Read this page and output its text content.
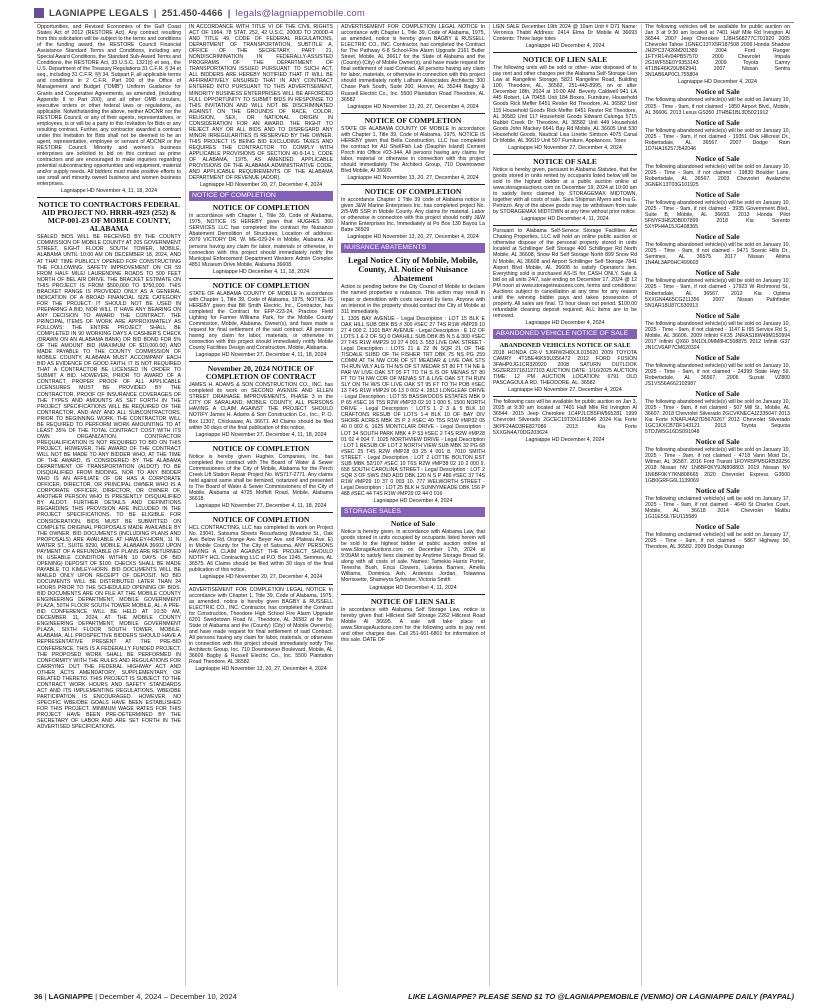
LAGNIAPPE LEGALS | 251.450-4466 | legals@lagniappemobile.com

Opportunities, and Revised Economies of the Gulf Coast States Act of 2012 (RESTORE Act). Any contract resulting from this solicitation will be subject to the terms and conditions of the funding award, the RESTORE Council Financial Assistance Standard Terms and Conditions, including any Special Award Conditions, the Standard Sub-Award Terms and Conditions, the RESTORE Act, 33 U.S.C. 1321(t) et seq., the U.S. Department of the Treasury Regulations 31 C.F.R. § 34 et seq., including 31 C.F.R. §§ 34, Subpart F, all applicable terms and conditions in 2 C.F.R. Part 200 of the Office of Management and Budget ("OMB") Uniform Guidance for Grants and Cooperative Agreements, as amended, (including Appendix II to Part 200), and all other OMB circulars, executive orders or other federal laws or regulations, as applicable. Notwithstanding the above, neither ADCNR nor the RESTORE Council, or any of their agents, representatives, or employees, is or will be a party to this Invitation for Bids or any resulting contract. Further, any contractor awarded a contract under this Invitation for Bids shall not be deemed to be an agent, representative, employee or servant of ADCNR or the RESTORE Council. Minority and women's business enterprises are solicited to bid on this contract as prime contractors and are encouraged to make inquiries regarding potential subcontracting opportunities and equipment, material and/or supply needs. All bidders must make positive efforts to use small and minority owned business and women business enterprises.

Lagniappe HD November 4, 11, 18, 2024
NOTICE TO CONTRACTORS FEDERAL AID PROJECT NO. HRRR-4923 (252) & MCP-001-23 OF MOBILE COUNTY, ALABAMA

SEALED BIDS WILL BE RECEIVED BY THE COUNTY COMMISSION OF MOBILE COUNTY AT 205 GOVERNMENT STREET, EIGHT FLOOR SOUTH TOWER, MOBILE, ALABAMA UNTIL 10:00 AM ON DECEMBER 18, 2024, AND AT THAT TIME PUBLICLY OPENED FOR CONSTRUCTING THE FOLLOWING: SAFETY IMPROVEMENT ON CR 59 FROM HALF MILE/ LAURENDINE ROADS TO 500 FEET NORTH OF BEL AIR DRIVE. THE BRACKET ESTIMATE ON THIS PROJECT IS FROM $500,000 TO $750,000. THIS BRACKET RANGE IS PROVIDED ONLY AS A GENERAL INDICATION OF A BROAD FINANCIAL SIZE CATEGORY FOR THE PROJECT. IT SHOULD NOT BE USED IN PREPARING A BID, NOR WILL IT HAVE ANY BEARING ON ANY DECISION TO AWARD THE CONTRACT. THE PRINCIPAL ITEMS OF WORK ARE APPROXIMATELY AS FOLLOWS: THE ENTIRE PROJECT SHALL BE COMPLETED IN 90 WORKING DAYS A CASHIER'S CHECK (DRAWN ON AN ALABAMA BANK) OR BID BOND FOR 5% OF THE AMOUNT BID (MAXIMUM OF $10,000.00) AND MADE PAYABLE TO THE COUNTY COMMISSION OF MOBILE COUNTY, ALABAMA MUST ACCOMPANY EACH BID AS EVIDENCE OF GOOD FAITH. IT IS NOT REQUIRED THAT A CONTRACTOR BE LICENSED IN ORDER TO SUBMIT A BID. HOWEVER, PRIOR TO AWARD OF A CONTRACT, PROPER PROOF OF ALL APPLICABLE LICENSURES MUST BE PROVIDED BY THE CONTRACTOR. PROOF OF INSURANCE COVERAGES OF THE TYPES AND AMOUNTS AS SET FORTH IN THE PROJECT SPECIFICATIONS WILL BE REQUIRED OF THE CONTRACTOR, AND ANY AND ALL SUBCONTRACTORS, PRIOR TO BEGINNING WORK. THE CONTRACTOR WILL BE REQUIRED TO PERFORM WORK AMOUNTING TO AT LEAST 35% OF THE TOTAL CONTRACT COST WITH ITS OWN ORGANIZATION. CONTRACTOR PREQUALIFICATION IS NOT REQUIRED TO BID ON THIS PROJECT. HOWEVER, THE AWARD OF THE CONTRACT WILL NOT BE MADE TO ANY BIDDER WHO, AT THE TIME OF THE AWARD, IS CONSIDERED BY THE ALABAMA DEPARTMENT OF TRANSPORTATION (ALDOT) TO BE DISQUALIFIED FROM BIDDING, NOR TO ANY BIDDER WHO IS AN AFFILIATE OF OR HAS A CORPORATE OFFICER, DIRECTOR, OR PRINCIPAL OWNER WHO IS A CORPORATE OFFICER, DIRECTOR, OR OWNER OF, ANOTHER PERSON WHO IS PRESENTLY DISQUALIFIED BY ALDOT. FURTHER DETAILS AND DEFINITIONS REGARDING THIS PROVISION ARE INCLUDED IN THE PROJECT SPECIFICATIONS. TO BE ELIGIBLE FOR CONSIDERATION, BIDS MUST BE SUBMITTED ON COMPLETE ORIGINAL PROPOSALS MADE AVAILABLE BY THE OWNER. BID DOCUMENTS (INCLUDING PLANS AND PROPOSALS) ARE AVAILABLE AT HAWLEY-HORN, 11 N. WATER ST., SUITE 9290, MOBILE, ALABAMA 36602 UPON PAYMENT OF A REFUNDABLE (IF PLANS ARE RETURNED IN USEABLE CONDITION WITHIN 10 DAYS OF BID OPENING) DEPOSIT OF $100. CHECKS SHALL BE MADE PAYABLE TO KIMLEY-HORN. BID DOCUMENTS WILL BE MAILED ONLY UPON RECEIPT OF DEPOSIT. NO BID DOCUMENTS WILL BE DISTRIBUTED LATER THAN 24 HOURS PRIOR TO THE SCHEDULED OPENING OF BIDS. BID DOCUMENTS ARE ON FILE AT THE MOBILE COUNTY ENGINEERING DEPARTMENT, MOBILE GOVERNMENT PLAZA, 50TH FLOOR SOUTH TOWER MOBILE, AL. A PRE-BID CONFERENCE WILL BE HELD AT 10:30 AM, DECEMBER 11, 2024, AT THE MOBILE COUNTY ENGINEERING DEPARTMENT, MOBILE GOVERNMENT PLAZA, SIXTH FLOOR SOUTH TOWER, MOBILE, ALABAMA. ALL PROSPECTIVE BIDDERS SHOULD HAVE A REPRESENTATIVE PRESENT AT THE PRE-BID CONFERENCE. THIS IS A FEDERALLY FUNDED PROJECT. THE PROPOSED WORK SHALL BE PERFORMED IN CONFORMITY WITH THE RULES AND REGULATIONS FOR CARRYING OUT THE FEDERAL HIGHWAY ACT AND OTHER ACTS AMENDATORY, SUPPLEMENTARY, OR RELATED THERETO. THIS PROJECT IS SUBJECT TO THE CONTRACT WORK HOURS AND SAFETY STANDARDS ACT AND ITS IMPLEMENTING REGULATIONS. WBE/DBE PARTICIPATION IS ENCOURAGED. HOWEVER, NO SPECIFIC WBE/DBE GOALS HAVE BEEN ESTABLISHED FOR THIS PROJECT. MINIMUM WAGE RATES FOR THIS PROJECT HAVE BEEN PRE-DETERMINED BY THE SECRETARY OF LABOR AND ARE SET FORTH IN THE ADVERTISED SPECIFICATIONS.

IN ACCORDANCE WITH TITLE VI OF THE CIVIL RIGHTS ACT OF 1964, 78 STAT. 252, 42 U.S.C. 2000D TO 2000D-4 AND TITLE 49, CODE OF FEDERAL REGULATIONS, DEPARTMENT OF TRANSPORTATION, SUBTITLE A, OFFICE OF THE SECRETARY, PART 21, NONDISCRIMINATION IN FEDERALLY-ASSISTED PROGRAMS OF THE DEPARTMENT OF TRANSPORTATION ISSUED PURSUANT TO SUCH ACT, ALL BIDDERS ARE HEREBY NOTIFIED THAT IT WILL BE AFFIRMATIVELY ENSURED THAT IN ANY CONTRACT ENTERED INTO PURSUANT TO THIS ADVERTISEMENT, MINORITY BUSINESS ENTERPRISES WILL BE AFFORDED FULL OPPORTUNITY TO SUBMIT BIDS IN RESPONSE TO THIS INVITATION AND WILL NOT BE DISCRIMINATED AGAINST ON THE GROUNDS OF RACE, COLOR, RELIGION, SEX, OR NATIONAL ORIGIN IN CONSIDERATION FOR AN AWARD. THE RIGHT TO REJECT ANY OR ALL BIDS AND TO DISREGARD ANY MINOR IRREGULARITIES IS RESERVED BY THE OWNER. THIS PROJECT IS BEING BID EXCLUDING TAXES AND REQUIRES THE CONTRACTOR TO COMPLY WITH APPLICABLE PROVISIONS OF SECTION 40-9-14.1, CODE OF ALABAMA, 1975, AS AMENDED. APPLICABLE PROVISIONS OF THE ALABAMA ADMINISTRATIVE CODE, AND APPLICABLE REQUIREMENTS OF THE ALABAMA DEPARTMENT OF REVENUE (ADOR).

Lagniappe HD November 20, 27, December 4, 2024
NOTICE OF COMPLETION
NOTICE OF COMPLETION

In accordance with Chapter 1, Title 39, Code of Alabama, 1975, NOTICE IS HEREBY given that HUGHES 360 SERVICES LLC has completed the contract for Nuisance Abatement Demolition of Structures, Location of address: 2079 VICTORY DR. W. ME-029-24 in Mobile, Alabama. All persons having any claim for labor, materials or otherwise, in connection with this project should immediately notify the Municipal Enforcement Department Western Admin Complex 4851 Museum Drive Mobile, Alabama 36608.

Lagniappe HD December 4, 11, 18, 2024
NOTICE OF COMPLETION

STATE OF ALABAMA COUNTY OF MOBILE In accordance with Chapter 1, Title 39, Code of Alabama, 1975, NOTICE IS HEREBY given that Bill Smith Electric, Inc., Contractor, has completed the Contract for EFP-223-24, Practice Field Lighting for Farmer Williams Park, for the Mobile County Commission, Mobile, Alabama, Owner(s), and have made a request for final settlement of the said contract. All persons having any claim for labor, materials, or otherwise in connection with this project should immediately notify Mobile County Facilities Design and Construction, Mobile, Alabama.

Lagniappe HD November 27, December 4, 11, 18, 2024
November 20, 2024 NOTICE OF COMPLETION OF CONTRACT

JAMES H. ADAMS & SON CONSTRUCTION CO., INC. has completed its work on SECOND AVENUE AND ELLEN STREET DRAINAGE IMPROVEMENTS, PHASE 3 in the CITY OF SARALAND, MOBILE COUNTY, ALL PERSONS HAVING A CLAIM AGAINST THE PROJECT SHOULD NOTIFY James H. Adams & Son Construction Co., Inc., P. O. Box 11307, Chickasaw, AL 36671. All Claims should be filed within 30 days of the final publication of this notice.

Lagniappe HD November 27, December 4, 11, 18, 2024
NOTICE OF COMPLETION

Notice is hereby given Hughes Companies, Inc. has completed the contract with The Board of Water & Sewer Commissioners of the City of Mobile, Alabama for the Perch Creek Lift Station Repair Project No. WS717-2771. Any claims held against same shall be itemized, notarized and presented to The Board of Water & Sewer Commissioners of the City of Mobile, Alabama at 4725 Moffett Road, Mobile, Alabama 36618.

Lagniappe HD November 27, December 4, 11, 18, 2024
NOTICE OF COMPLETION

HCL CONTRACTING, LLC has completed its work on Project No. 23041, Satsuma Streets Resurfacing (Meadow St., Oak Ave. Below Rd. Orange Ave. Beyer Ave. and Plateau Ave. E) in Mobile County for The City of Satsuma. ANY PERSONS HAVING A CLAIM AGAINST THE PROJECT SHOULD NOTIFY HCL Contracting LLC at P.O. Box 1245, Semmes, AL 36575. All Claims should be filed within 30 days of the final publication of this notice.

Lagniappe HD November 20, 27, December 4, 2024

ADVERTISEMENT FOR COMPLETION LEGAL NOTICE In accordance with Chapter 1, Title 39, Code of Alabama, 1975, as amended, notice is hereby given BAGBY & RUSSELL ELECTRIC CO., INC. Contractor, has completed the Contract for Construction, Theodore High School Fire Alarm Upgrade 6201 Swedetown Road N., Theodore, AL 36582 at for the State of Alabama and the (County) (City) of Mobile Owner(s), and have made request for final settlement of said Contract. All persons having any claim for labor, materials, or otherwise in connection with this project should immediately notify The Architects Group, Inc. 710 Downtowner Boulevard, Mobile, AL 36609 Bagby & Russell Electric Co., Inc. 5500 Plantation Road Theodore, AL 36582

Lagniappe HD November 13, 20, 27, December 4, 2024

ADVERTISEMENT FOR COMPLETION LEGAL NOTICE In accordance with Chapter 1, Title 39, Code of Alabama, 1975, as amended, notice is hereby given BAGBY & RUSSELL ELECTRIC CO., INC. Contractor, has completed the Contract for The Pathway 6-8 School-Fire Alarm Upgrade 2161 Butler Street, Mobile, AL 36617 for the State of Alabama and the (County) (City) of Mobile Owner(s), and have made request for final settlement of said Contract. All persons having any claim for labor, materials, or otherwise in connection with this project should immediately notify Latham Associates Architects 300 Chase Park South, Suite 200, Hoover, AL 35244 Bagby & Russell Electric Co., Inc. 5500 Plantation Road Theodore, AL 36582

Lagniappe HD November 13, 20, 27, December 4, 2024
NOTICE OF COMPLETION

STATE OF ALABAMA COUNTY OF MOBILE In accordance with Chapter 1, Title 39, Code of Alabama, 1975, NOTICE IS HEREBY given that Bella Construction, LLC has completed the contract for AU ShellFish Lab (Dauphin Island) Cement Porch into Office #23-344. All persons having any claims for labor, material or otherwise in connection with this project should immediately The Architect Group, 710 Downtowner Blvd Mobile, Al 36609.

Lagniappe HD November 13, 20, 27, December 4, 2024
NOTICE OF COMPLETION

In accordance Chapter 1 Title 39 code of Alabama notice is given J&W Marine Enterprises Inc. has completed project No. 2/5-WB SSR in Mobile County. Any claims for material, Labor or otherwise in connection with this project should notify J&W Marine Enterprises Inc. Immediately at Po Box 130 Bayou La Batre 36509

Lagniappe HD November 13, 20, 27, December 4, 2024
NUISANCE ABATEMENTS
Legal Notice City of Mobile, Mobile, County, AL Notice of Nuisance Abatement

Action is pending before the City Council of Mobile to declare the named properties a nuisance. This action may result in repair or demolition with costs secured by liens. Anyone with an interest in the property should contact the City of Mobile at 311 immediately.

1. 1305 BAY AVENUE - Legal Description : LOT 15 BLK E OAK HILL SUB DBK BS # 300 #SEC 27 T4S R1W #MP29 10 27 4 000 2. 1101 BAY AVENUE - Legal Description : E 1/2 OF LOTS 1 & 2 OF SQ 0 OAKHILL SUB DBK 85 N 5 & 300 #SEC 27 T4S R1W #MP29 10 27 4 001 3. 553 LIVE OAK STREET - Legal Description : LOTS 21 & 22 IN SQR 21 OF THE TISDALE SUBD OF TH FISHER TRT DBK 75 NS PG 259 COMM AT TH NW COR OF ST MEADAR & LIVE OAK STS TH RUN WLY ALG TH N/S OF ST MEDAR ST 80 FT TH NE & PAR W/ LIVE OAK ST 95 FT TO TH S /S OF MENAS ST 80 FT TO TH NW COR OF MENAS ST & LIVE OAK ST TH RUN SLY ON TH W/S OF LIVE OAK ST 95 FT TO TH POB #SEC 13 T4S R1W #MP29 06 13 0 002 4. 2813 LONGLEAF DRIVE - Legal Description : LOT 55 BASSWOODS ESTATES MBK 9 P 65 #SEC 16 T5S R2W #MP33 02 10 1 000 5. 1500 NORTH DRIVE - Legal Description : LOTS 1 2 3 & 5 BLK 10 CRAFTONS RESUB OF LOTS 1-4 BLK 10 OF BAY DIV SHORE ACRES MBK 25 P 2 #SEC 40 T5S R1W #MP32 05 40 0 002 6. 1625 MONTCLAIR DRIVE - Legal Description : LOT 34 SOUTH PARK MBK 4 P 53 #SEC 2 T4S R2W #MP28 01 02 4 004 7. 1025 NORTHVIEW DRIVE - Legal Description : LOT 1 RESUB OF LOT 2 NORTH VIEW SUB MBK 32 PG 68 #SEC 25 T4S R2W #MP28 03 25 4 001 8. 7010 SMITH STREET - Legal Description : LOT 2 LOTTIE BOLTON EST SUB MBK 52/107 #SEC 10 T6S R2W #MP38 02 10 2 000 9. 658 SOUTH CAROLINA STREET - Legal Description : LOT 2 SQR 3 OF SWS 2ND ADD DBK 120 N S P 486 #SEC 37 T4S R1W #MP29 10 37 0 003 10. 777 WELWORTH STREET - Legal Description : LOT 25 BLK H SUNNYMEADE DBK 156 P 488 #SEC 44 T4S R1W #MP29 02 44 0 016

Lagniappe HD December 4, 2024
STORAGE SALES
Notice of Sale

Notice is hereby given, in accordance with Alabama Law, that goods stored in units occupied by occupants listed herein will be sold to the highest bidder at public auction online at www.StorageAuctions.com on December 17th, 2024 at 9:00AM to satisfy liens claimed by Anytime Storage Broad St. along with all costs of sale. Names: Tamekia Harris Porter, Tenesha Bush, Erica Clowers, Lakeisa Barnes, Amelia Williams, Dominica Ash, Ardennis Jordan, Tolawnna Morrissette, Shameyra Sylvester, Victoria Smith

Lagniappe HD December 4, 11, 2024
NOTICE OF LIEN SALE

In accordance with Alabama Self Storage Law, notice is hereby given that: Hillcrest Self Storage 2262 Hillcrest Road Mobile Al 36695. A sale will take place at www.StorageAuctions.com for the following units to pay rent and other charges due. Call 251-661-6801 for information of this sale. DATE OF

LIEN SALE December 19th 2024 @ 10am Unit # D71 Name: Veronica Thabit Address: 2414 Elma Dr Mobile Al 36693 Contents: Three large totes

Lagniappe HD December 4, 2024
NOTICE OF LIEN SALE

The following units will be sold or other- wise disposed of to pay rent and other charges per the Alabama Self-Storage Lien Law at Rangeline Storage, 5821 Rangeline Road, Building 100, Theodore, AL, 36582, 251-443-8995, on or after December 18th, 2024 at 10:00 AM. Beverly Caldwell 941 LA 445 Robert, LA 70455 Unit 184 Boxes, Furniture, Household Goods Rick Meffer 6451 Rester Rd Theodore, AL 36582 Unit 115 Household Goods Rick Meffer 6451 Rester Rd Theodore, AL 36582 Unit 117 Household Goods Edward Calunga 5715 Rabbit Creek Dr Theodore, AL 36582 Unit 449 Household Goods John Mackey 6641 Bay Rd Mobile, AL 36605 Unit 530 Household Goods, Nautical Lisa Linette Simison 4075 Canal Dr Mobile, AL 36619 Unit 507 Furniture, Appliances, Totes

Lagniappe HD November 27, December 4, 2024
NOTICE OF SALE

Notice is hereby given, pursuant to Alabama Statutes, that the goods stored in units rented by occupants listed below will be sold to the highest bidder at a public auction online at www.storageauctions.com on December 19, 2024 at 10:00 am to satisfy liens claimed by STORAGEMAX MIDTOWN, together with all costs of sale. Sara Shipman Myers and Ina G. Petrizzo. Any of the above goods may be withdrawn from sale by STORAGEMAX MIDTOWN at any time without prior notice.

Lagniappe HD December 4, 11, 2024

Pursuant to Alabama Self-Service Storage Facilities Act Chasing Properties, LLC will hold an online public auction or otherwise dispose of the personal property stored in units located at Schillinger Self Storage 400 Schillinger Rd North Mobile, AL 36608, Snow Rd Self Storage North 899 Snow Rd N Mobile, AL 36608 and Airport Schillinger Self Storage 7841 Airport Blvd Mobile, AL 36608 to satisfy Operator's lien. Everything sold is purchased AS-IS for CASH ONLY. Sale & bid on all units 24/7, sale ending on December 17, 2024 @ 12 PM noon at www.storagetreasures.com, terms and conditions: Auctions subject to cancellation at any time for any reason until the winning bidder pays and takes possession of property. All sales are final. 72 hour clean out period. $100.00 refundable cleaning deposit required; ALL items are to be removed.

Lagniappe HD December 4, 2024
ABANDONED VEHICLE NOTICE OF SALE
ABANDONED VEHICLES NOTICE OF SALE

2018 HONDA CR-V 5J6RW2H8XJL015620 2009 TOYOTA CAMRY 4T1BE46K59U356472 2012 FORD FUSION 3FAHP0JG1CR320920 2008 SATURN OUTLOOK 5GZER23718J127103 AUCTION DATE: 1/16/2025 AUCTION TIME: 12 PM AUCTION LOCATION: 6791 OLD PASCAGOULA RD. THEODORE, AL. 36582

Lagniappe HD November 27, December 4, 2024

The following cars will be available for public auction on Jan 3, 2025 at 9:30 am located at 7401 Half Mile Rd Irvington Al 36544. 2015 Jeep Cherokee 1C4PJLCB5FW565281 1999 Chevrolet Silverado 2GCEC19T3X1165846 2024 Kia Forte 3KPF24AD3RE827086 2013 Kia Forte 5XXGN4A70DG203624

Lagniappe HD December 4, 2024

The following vehicles will be available for public auction on Jan 3 at 9:30 am located at 7401 Half Mile Rd Irvington Al 36544. 2007 Jeep Cherokee 1J8HS68277C701920 2005 Chevrolet Tahoe 1GNEC13TX5R187508 2006 Honda Shadow JH2PC37426M201389 2004 Ford Ranger 1FTYR14V04PB57570 2000 Chevrolet Impala 2G1WF55E0Y9353143 2009 Toyota Camry 4T1BE46K29U862941 2007 Nissan Sentra 3N1AB6AP0CL755804

Lagniappe HD December 4, 2024
Notice of Sale

The following abandoned vehicle(s) will be sold on January 10, 2025 - Time - 9am, if not claimed - 1850 Airport Blvd., Mobile, AL 36606. 2013 Lexus GS350 JTHBE1BL3D5021912

Notice of Sale

The following abandoned vehicle(s) will be sold on January 10, 2025 - Time - 9am, if not claimed - 19351 Oak Hillcrest Dr., Robertsdale, AL 36567. 2007 Dodge Ram 1D7HA16257J542046

Notice of Sale

The following abandoned vehicle(s) will be sold on January 10, 2025 - Time - 9am, if not claimed - 19830 Boulder Lane, Robertsdale, AL 36567. 2003 Chevrolet Avalanche 3GNEK13T03G101925

Notice of Sale

The following abandoned vehicle(s) will be sold on January 10, 2025 - Time - 9am, if not claimed - 3935 Government Blvd., Suite B, Mobile, AL 36693. 2013 Honda Pilot 5FNYF3H52DB007899 2018 Kia Sorento 5XYPH4A15JG408365

Notice of Sale

The following abandoned vehicle(s) will be sold on January 10, 2025 - Time - 9am, if not claimed - 9471 Scenic Hills Dr., Semmes, AL 36575. 2017 Nissan Altima 1N4AL3AP0HC499603

Notice of Sale

The following abandoned vehicle(s) will be sold on January 10, 2025 - Time - 9am, if not claimed - 17923 W Richmond St., Robertsdale, AL 36567. 2012 Kia Optima 5XXGN4A65CG211356 2007 Nissan Pathfinder 5N1AR18U87C630913

Notice of Sale

The following abandoned vehicle(s) will be sold on January 10, 2025 - Time - 9am, if not claimed - 1147 E I65 Service Rd S., Mobile, AL 36606. 2009 Infiniti FX35 JNRAS18W49M150994 2017 Infiniti QX60 5N1DL0MM8HC508875 2012 Infiniti G37 JN1CV6AP7CM620324

Notice of Sale

The following abandoned vehicle(s) will be sold on January 10, 2025 - Time - 9am, if not claimed - 24399 State Hwy 59, Robertsdale, AL 36567. 2006 Suzuki VZ800 JS1VS56A662102987

Notice of Sale

The following abandoned vehicle(s) will be sold on January 10, 2025 - Time - 9am, if not claimed - 507 Mill St., Mobile, AL 36607. 2018 Chevrolet Silverado 2GCVKNEC4JZ335047 2013 Kia Forte KNAFU4A27D5670267 2013 Chevrolet Silverado 1GC1KXCB7DF143121 2013 Toyota Sequoia 5TDJW5G16DS091048

Notice of Sale

The following abandoned vehicle(s) will be sold on January 10, 2025 - Time - 9am, if not claimed - 4718 Vann Moid Dr., Wilmer, AL 36587. 2016 Ford Transit 1FDYR5PM5GKB39256 2018 Nissan NV 1N6BF0KY9JN808803 2019 Nissan NV 1N6BF0KY7KN808665 2020 Chevrolet Express G3500 1GB0GRFG6L1139069

Notice of Sale

The following unclaimed vehicle(s) will be sold on January 17, 2025 - Time - 9am, if not claimed - 4640 St Charles Court, Mobile, AL 36618 2014 Chevrolet Malibu 1G11E5SL7EU115589

Notice of Sale

The following unclaimed vehicle(s) will be sold on January 17, 2025 - Time - 9am, if not claimed - 5867 Highway 90, Theodore, AL 36582. 2009 Dodge Durango

36 | LAGNIAPPE | December 4, 2024 – December 10, 2024	LIKE LAGNIAPPE? PLEASE SEND $1 TO @LAGNIAPPEMOBILE (VENMO) OR LAGNIAPPE DAILY (PAYPAL)
